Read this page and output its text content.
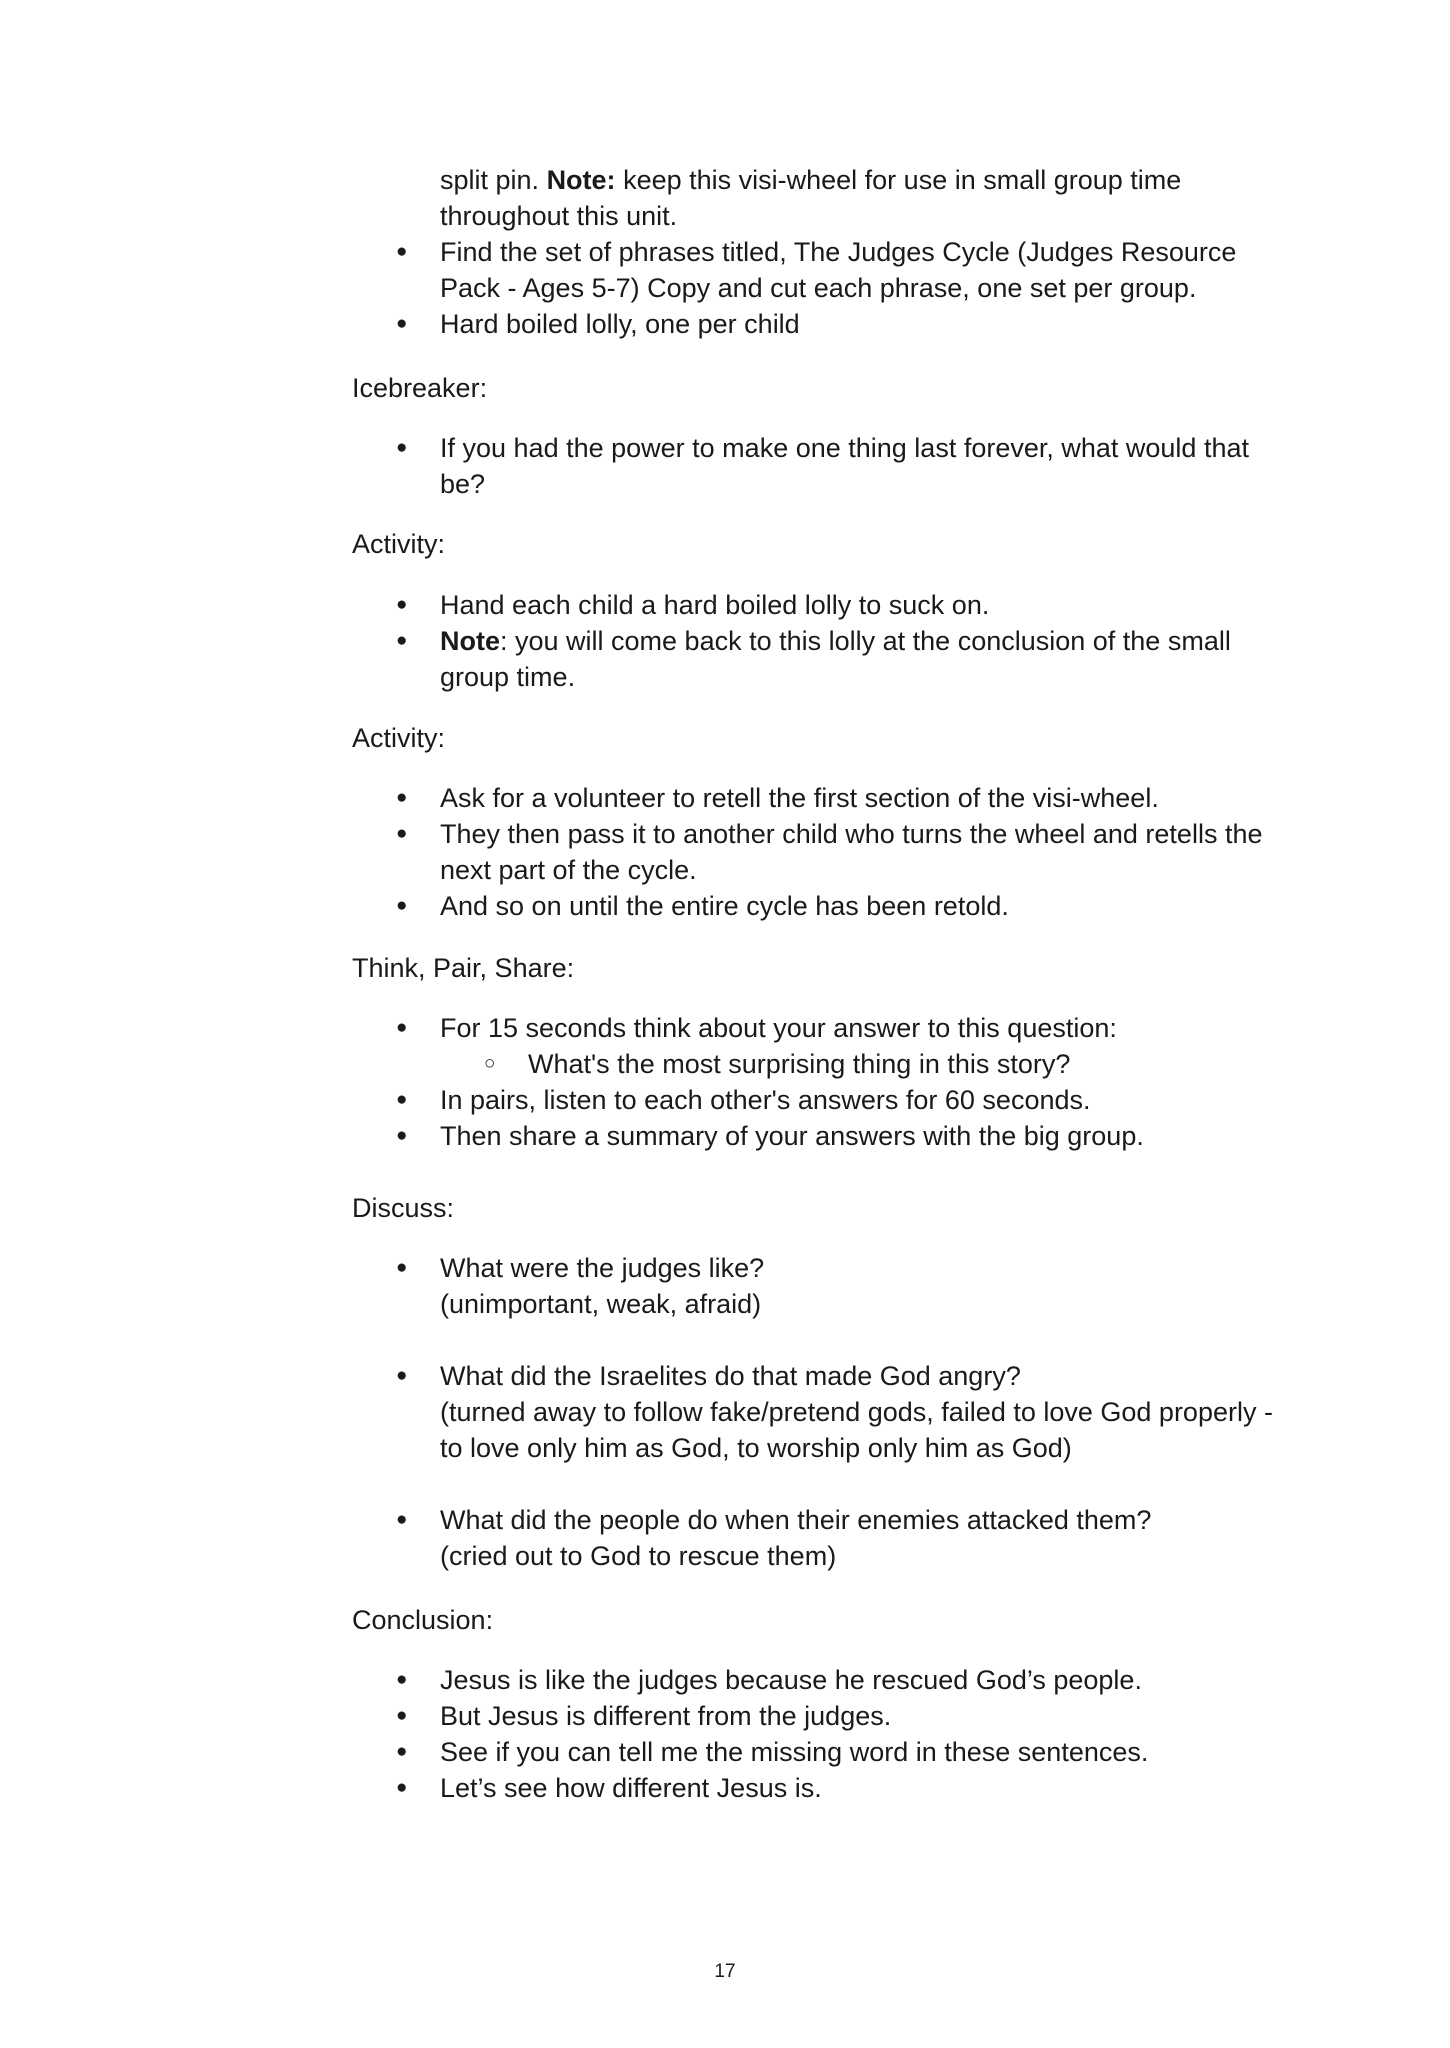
split pin. Note: keep this visi-wheel for use in small group time throughout this unit.
● Find the set of phrases titled, The Judges Cycle (Judges Resource Pack - Ages 5-7) Copy and cut each phrase, one set per group.
● Hard boiled lolly, one per child
Icebreaker:
● If you had the power to make one thing last forever, what would that be?
Activity:
● Hand each child a hard boiled lolly to suck on.
● Note: you will come back to this lolly at the conclusion of the small group time.
Activity:
● Ask for a volunteer to retell the first section of the visi-wheel.
● They then pass it to another child who turns the wheel and retells the next part of the cycle.
● And so on until the entire cycle has been retold.
Think, Pair, Share:
● For 15 seconds think about your answer to this question:
○ What's the most surprising thing in this story?
● In pairs, listen to each other's answers for 60 seconds.
● Then share a summary of your answers with the big group.
Discuss:
● What were the judges like?
(unimportant, weak, afraid)
● What did the Israelites do that made God angry?
(turned away to follow fake/pretend gods, failed to love God properly - to love only him as God, to worship only him as God)
● What did the people do when their enemies attacked them?
(cried out to God to rescue them)
Conclusion:
● Jesus is like the judges because he rescued God’s people.
● But Jesus is different from the judges.
● See if you can tell me the missing word in these sentences.
● Let’s see how different Jesus is.
17
